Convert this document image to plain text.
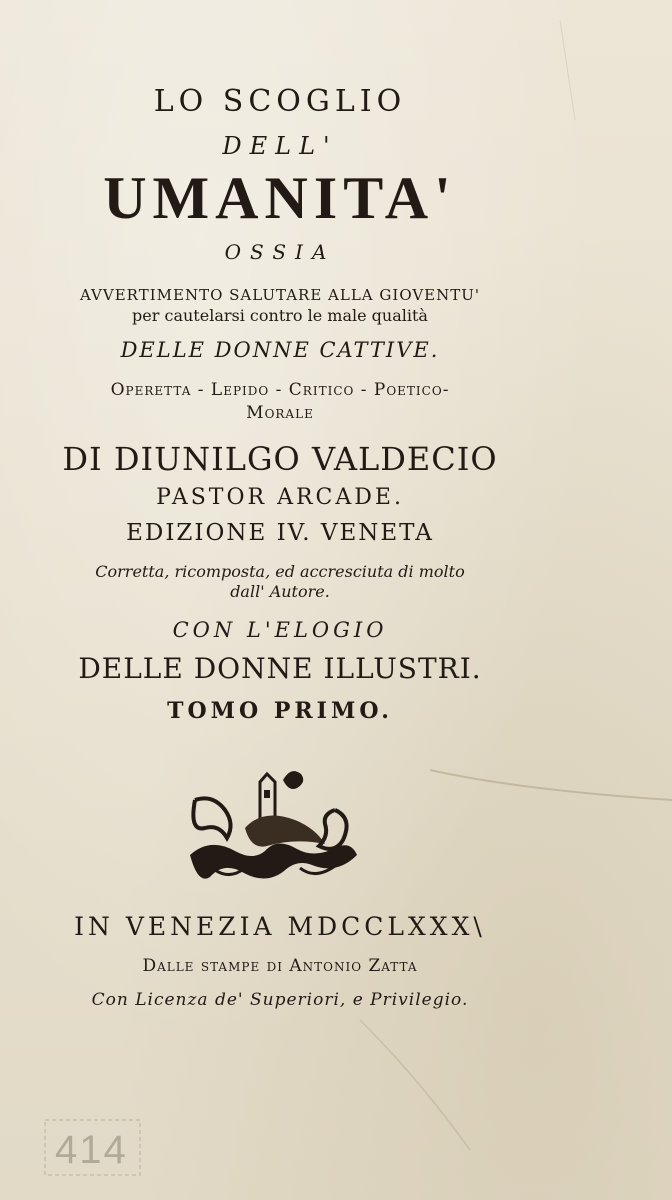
LO SCOGLIO
DELL'
UMANITA'
OSSIA
AVVERTIMENTO SALUTARE ALLA GIOVENTU'
per cautelarsi contro le male qualità
DELLE DONNE CATTIVE.
Operetta - Lepido - Critico - Poetico-
Morale
DI DIUNILGO VALDECIO
PASTOR ARCADE.
EDIZIONE IV. VENETA
Corretta, ricomposta, ed accresciuta di molto
dall' Autore.
CON L'ELOGIO
DELLE DONNE ILLUSTRI.
TOMO PRIMO.
IN VENEZIA MDCCLXXX\
Dalle stampe di Antonio Zatta
Con Licenza de' Superiori, e Privilegio.
414
